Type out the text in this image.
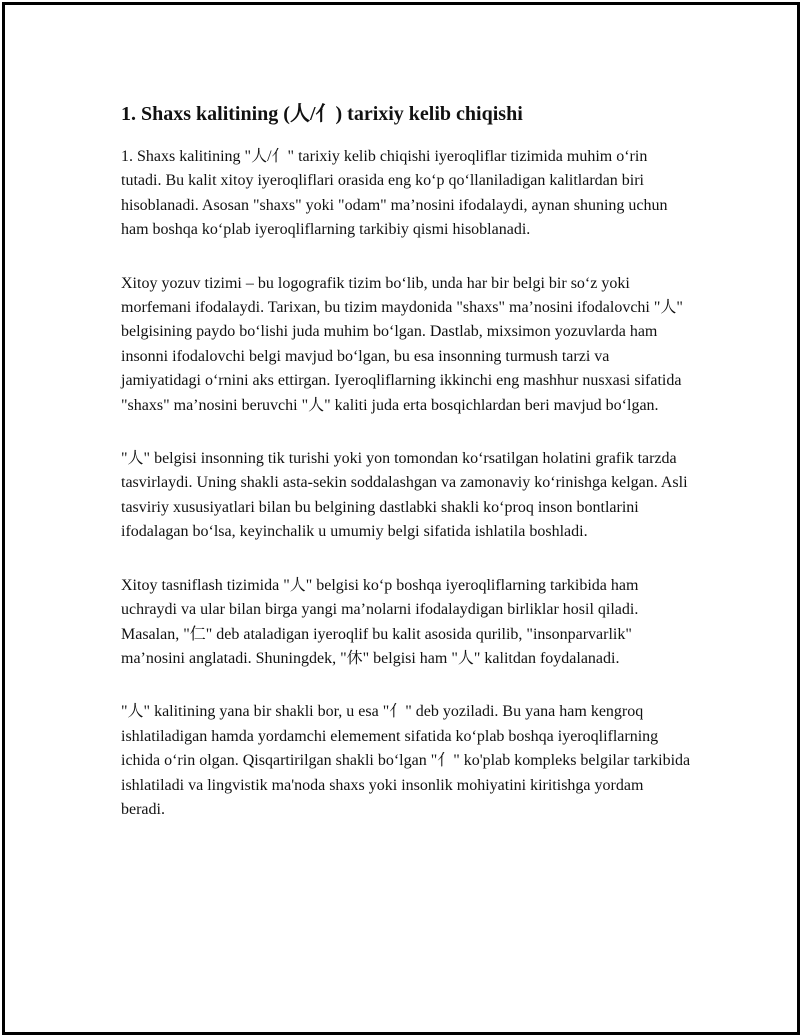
1. Shaxs kalitining (人/亻) tarixiy kelib chiqishi

1. Shaxs kalitining "人/亻" tarixiy kelib chiqishi iyeroqliflar tizimida muhim o‘rin tutadi. Bu kalit xitoy iyeroqliflari orasida eng ko‘p qo‘llaniladigan kalitlardan biri hisoblanadi. Asosan "shaxs" yoki "odam" ma’nosini ifodalaydi, aynan shuning uchun ham boshqa ko‘plab iyeroqliflarning tarkibiy qismi hisoblanadi.

Xitoy yozuv tizimi – bu logografik tizim bo‘lib, unda har bir belgi bir so‘z yoki morfemani ifodalaydi. Tarixan, bu tizim maydonida "shaxs" ma’nosini ifodalovchi "人" belgisining paydo bo‘lishi juda muhim bo‘lgan. Dastlab, mixsimon yozuvlarda ham insonni ifodalovchi belgi mavjud bo‘lgan, bu esa insonning turmush tarzi va jamiyatidagi o‘rnini aks ettirgan. Iyeroqliflarning ikkinchi eng mashhur nusxasi sifatida "shaxs" ma’nosini beruvchi "人" kaliti juda erta bosqichlardan beri mavjud bo‘lgan.

"人" belgisi insonning tik turishi yoki yon tomondan ko‘rsatilgan holatini grafik tarzda tasvirlaydi. Uning shakli asta-sekin soddalashgan va zamonaviy ko‘rinishga kelgan. Asli tasviriy xususiyatlari bilan bu belgining dastlabki shakli ko‘proq inson bontlarini ifodalagan bo‘lsa, keyinchalik u umumiy belgi sifatida ishlatila boshladi.

Xitoy tasniflash tizimida "人" belgisi ko‘p boshqa iyeroqliflarning tarkibida ham uchraydi va ular bilan birga yangi ma’nolarni ifodalaydigan birliklar hosil qiladi. Masalan, "仁" deb ataladigan iyeroqlif bu kalit asosida qurilib, "insonparvarlik" ma’nosini anglatadi. Shuningdek, "休" belgisi ham "人" kalitdan foydalanadi.

"人" kalitining yana bir shakli bor, u esa "亻" deb yoziladi. Bu yana ham kengroq ishlatiladigan hamda yordamchi elemement sifatida ko‘plab boshqa iyeroqliflarning ichida o‘rin olgan. Qisqartirilgan shakli bo‘lgan "亻" ko'plab kompleks belgilar tarkibida ishlatiladi va lingvistik ma'noda shaxs yoki insonlik mohiyatini kiritishga yordam beradi.
